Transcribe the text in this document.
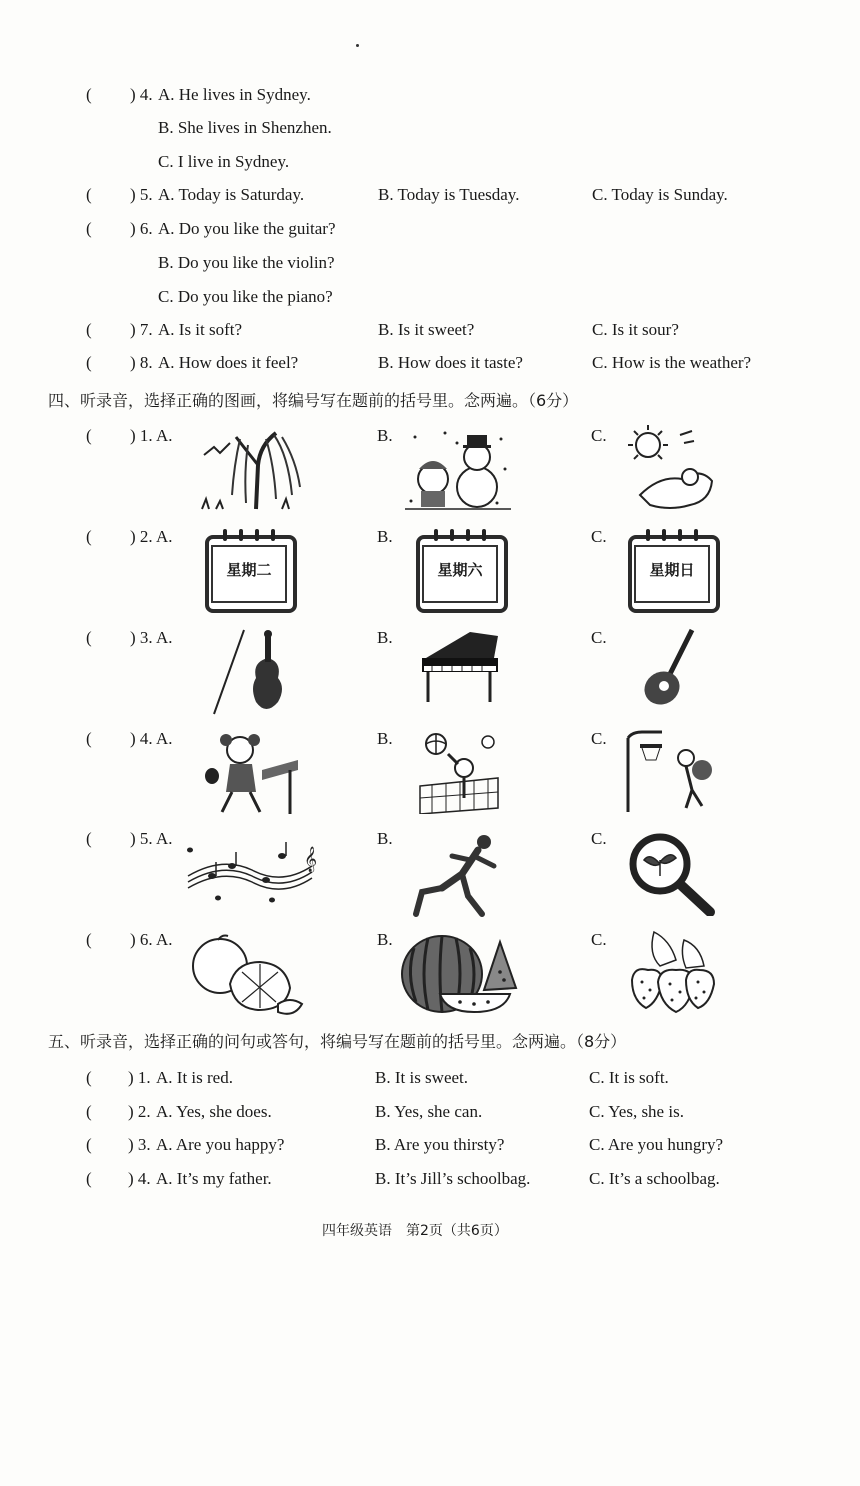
( ) 4. A. He lives in Sydney.
B. She lives in Shenzhen.
C. I live in Sydney.
( ) 5. A. Today is Saturday.	B. Today is Tuesday.	C. Today is Sunday.
( ) 6. A. Do you like the guitar?
B. Do you like the violin?
C. Do you like the piano?
( ) 7. A. Is it soft?	B. Is it sweet?	C. Is it sour?
( ) 8. A. How does it feel?	B. How does it taste?	C. How is the weather?
四、听录音，选择正确的图画，将编号写在题前的括号里。念两遍。（6分）
( ) 1. A.	B.	C.
( ) 2. A.	B.	C.
星期二	星期六	星期日
( ) 3. A.	B.	C.
( ) 4. A.	B.	C.
( ) 5. A.	B.	C.
𝄞
( ) 6. A.	B.	C.
五、听录音，选择正确的问句或答句，将编号写在题前的括号里。念两遍。（8分）
( ) 1. A. It is red.	B. It is sweet.	C. It is soft.
( ) 2. A. Yes, she does.	B. Yes, she can.	C. Yes, she is.
( ) 3. A. Are you happy?	B. Are you thirsty?	C. Are you hungry?
( ) 4. A. It’s my father.	B. It’s Jill’s schoolbag.	C. It’s a schoolbag.
四年级英语　第2页（共6页）
